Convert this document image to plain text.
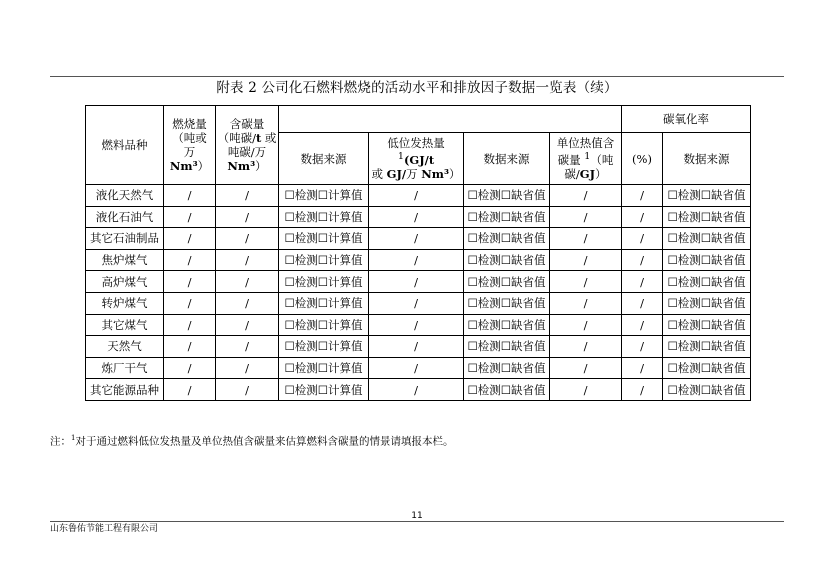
附表 2 公司化石燃料燃烧的活动水平和排放因子数据一览表（续）
燃料品种	燃烧量
（吨或
万 Nm³）	含碳量
（吨碳/t 或
吨碳/万
Nm³）					碳氧化率	

			数据来源	低位发热量 $^1$(GJ/t
或 GJ/万 Nm³）	数据来源	单位热值含
碳量 $^1$（吨
碳/GJ）	(%)	数据来源
液化天然气	/	/	☐检测☐计算值	/	☐检测☐缺省值	/	/	☐检测☐缺省值
液化石油气	/	/	☐检测☐计算值	/	☐检测☐缺省值	/	/	☐检测☐缺省值
其它石油制品	/	/	☐检测☐计算值	/	☐检测☐缺省值	/	/	☐检测☐缺省值
焦炉煤气	/	/	☐检测☐计算值	/	☐检测☐缺省值	/	/	☐检测☐缺省值
高炉煤气	/	/	☐检测☐计算值	/	☐检测☐缺省值	/	/	☐检测☐缺省值
转炉煤气	/	/	☐检测☐计算值	/	☐检测☐缺省值	/	/	☐检测☐缺省值
其它煤气	/	/	☐检测☐计算值	/	☐检测☐缺省值	/	/	☐检测☐缺省值
天然气	/	/	☐检测☐计算值	/	☐检测☐缺省值	/	/	☐检测☐缺省值
炼厂干气	/	/	☐检测☐计算值	/	☐检测☐缺省值	/	/	☐检测☐缺省值
其它能源品种	/	/	☐检测☐计算值	/	☐检测☐缺省值	/	/	☐检测☐缺省值
注：$^1$对于通过燃料低位发热量及单位热值含碳量来估算燃料含碳量的情景请填报本栏。
11
山东鲁佑节能工程有限公司
